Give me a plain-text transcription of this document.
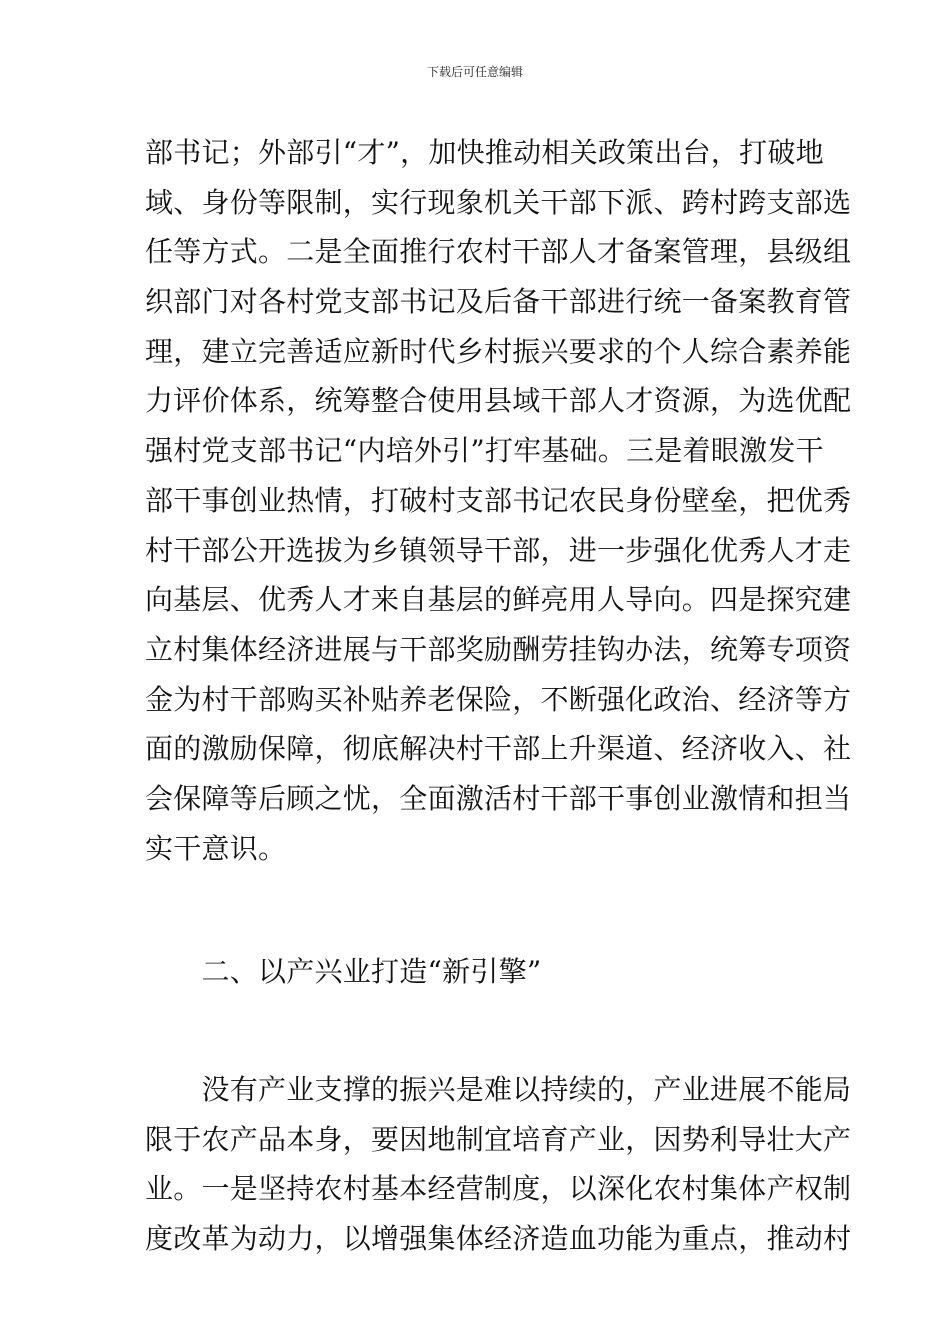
下载后可任意编辑
部书记；外部引“才”，加快推动相关政策出台，打破地
域、身份等限制，实行现象机关干部下派、跨村跨支部选
任等方式。二是全面推行农村干部人才备案管理，县级组
织部门对各村党支部书记及后备干部进行统一备案教育管
理，建立完善适应新时代乡村振兴要求的个人综合素养能
力评价体系，统筹整合使用县域干部人才资源，为选优配
强村党支部书记“内培外引”打牢基础。三是着眼激发干
部干事创业热情，打破村支部书记农民身份壁垒，把优秀
村干部公开选拔为乡镇领导干部，进一步强化优秀人才走
向基层、优秀人才来自基层的鲜亮用人导向。四是探究建
立村集体经济进展与干部奖励酬劳挂钩办法，统筹专项资
金为村干部购买补贴养老保险，不断强化政治、经济等方
面的激励保障，彻底解决村干部上升渠道、经济收入、社
会保障等后顾之忧，全面激活村干部干事创业激情和担当
实干意识。
　　二、以产兴业打造“新引擎”
　　没有产业支撑的振兴是难以持续的，产业进展不能局
限于农产品本身，要因地制宜培育产业，因势利导壮大产
业。一是坚持农村基本经营制度，以深化农村集体产权制
度改革为动力，以增强集体经济造血功能为重点，推动村
